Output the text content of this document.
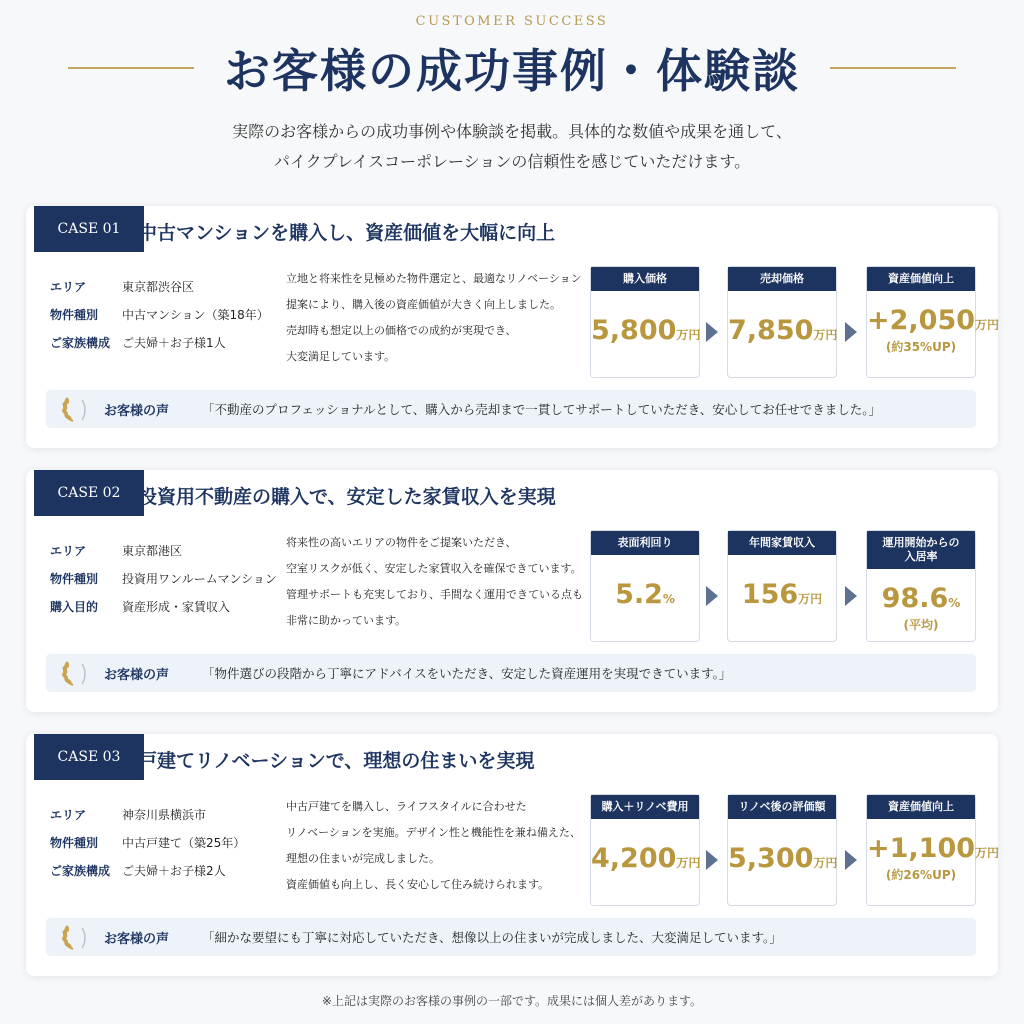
CUSTOMER SUCCESS
お客様の成功事例・体験談
実際のお客様からの成功事例や体験談を掲載。具体的な数値や成果を通して、
パイクプレイスコーポレーションの信頼性を感じていただけます。
CASE 01 中古マンションを購入し、資産価値を大幅に向上
エリア	東京都渋谷区
物件種別	中古マンション（築18年）
ご家族構成 ご夫婦＋お子様1人
立地と将来性を見極めた物件選定と、最適なリノベーション
提案により、購入後の資産価値が大きく向上しました。
売却時も想定以上の価格での成約が実現でき、
大変満足しています。
購入価格
5,800万円
売却価格
7,850万円
資産価値向上
+2,050万円
(約35%UP)
お客様の声	「不動産のプロフェッショナルとして、購入から売却まで一貫してサポートしていただき、安心してお任せできました。」
CASE 02 投資用不動産の購入で、安定した家賃収入を実現
エリア	東京都港区
物件種別	投資用ワンルームマンション
購入目的	資産形成・家賃収入
将来性の高いエリアの物件をご提案いただき、
空室リスクが低く、安定した家賃収入を確保できています。
管理サポートも充実しており、手間なく運用できている点も
非常に助かっています。
表面利回り
5.2%
年間家賃収入
156万円
運用開始からの
入居率
98.6%
(平均)
お客様の声	「物件選びの段階から丁寧にアドバイスをいただき、安定した資産運用を実現できています。」
CASE 03 戸建てリノベーションで、理想の住まいを実現
エリア	神奈川県横浜市
物件種別	中古戸建て（築25年）
ご家族構成 ご夫婦＋お子様2人
中古戸建てを購入し、ライフスタイルに合わせた
リノベーションを実施。デザイン性と機能性を兼ね備えた、
理想の住まいが完成しました。
資産価値も向上し、長く安心して住み続けられます。
購入＋リノベ費用
4,200万円
リノベ後の評価額
5,300万円
資産価値向上
+1,100万円
(約26%UP)
お客様の声	「細かな要望にも丁寧に対応していただき、想像以上の住まいが完成しました、大変満足しています。」
※上記は実際のお客様の事例の一部です。成果には個人差があります。
